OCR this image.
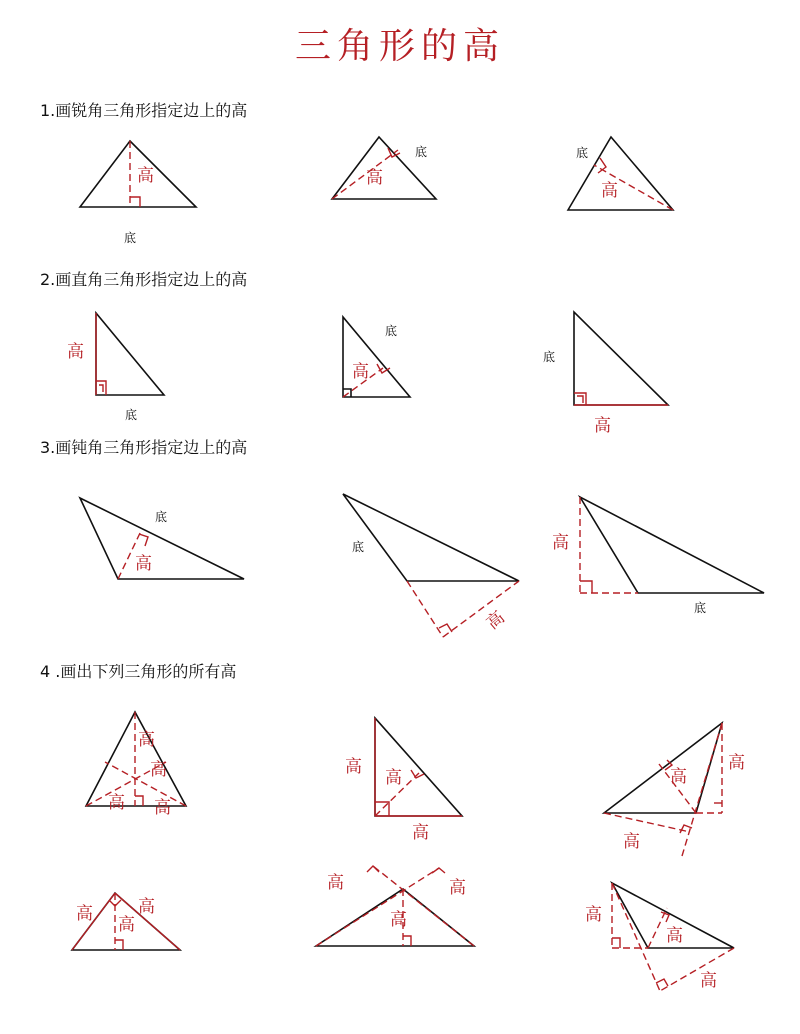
三角形的高
1.画锐角三角形指定边上的高
2.画直角三角形指定边上的高
3.画钝角三角形指定边上的高
4 .画出下列三角形的所有高
高
底
高
底
高
底
高
底
高
底
高
底
高
底
高
底	高
底
高
高
高 高
高
高
高
高
高
高
高	高
高
高	高
高	高
高
高
